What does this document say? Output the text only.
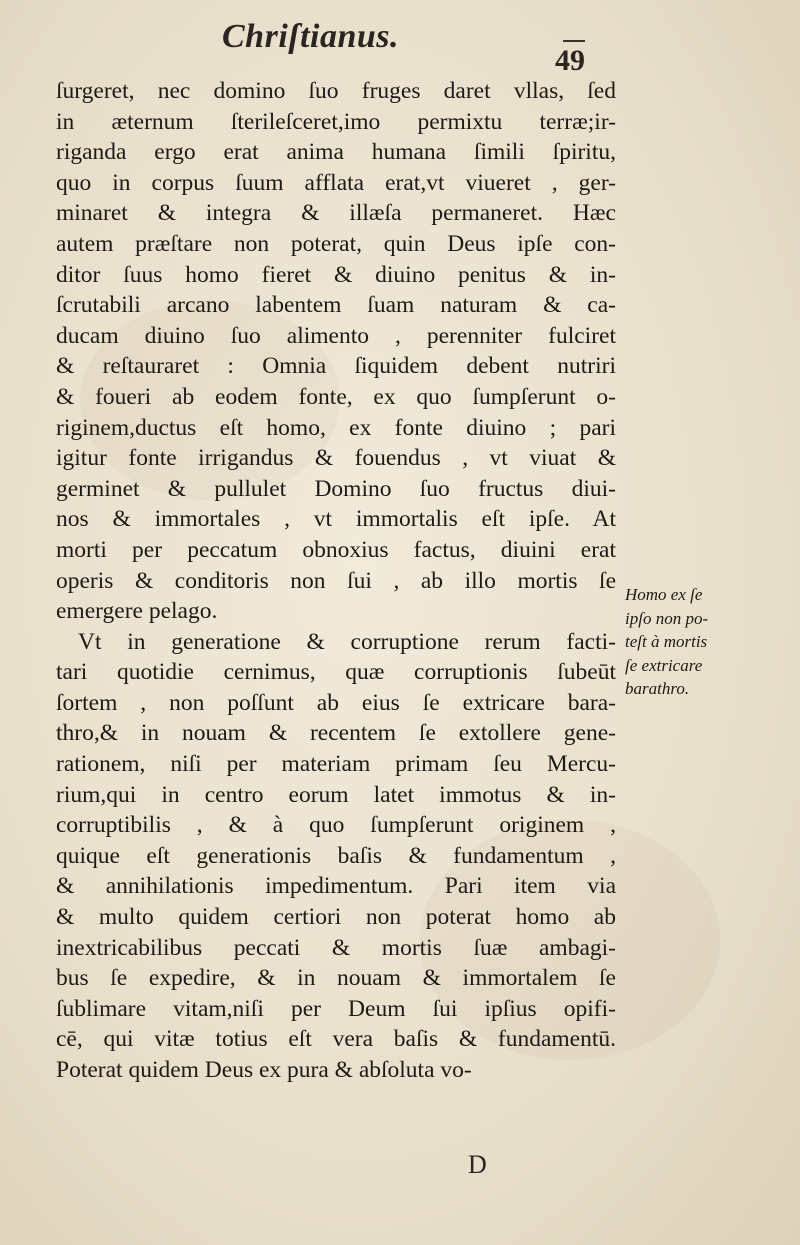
Chriſtianus.
49
ſurgeret, nec domino ſuo fruges daret vllas, ſed
in æternum ſterileſceret,imo permixtu terræ;ir-
riganda ergo erat anima humana ſimili ſpiritu,
quo in corpus ſuum afflata erat,vt viueret , ger-
minaret & integra & illæſa permaneret. Hæc
autem præſtare non poterat, quin Deus ipſe con-
ditor ſuus homo fieret & diuino penitus & in-
ſcrutabili arcano labentem ſuam naturam & ca-
ducam diuino ſuo alimento , perenniter fulciret
& reſtauraret : Omnia ſiquidem debent nutriri
& foueri ab eodem fonte, ex quo ſumpſerunt o-
riginem,ductus eſt homo, ex fonte diuino ; pari
igitur fonte irrigandus & fouendus , vt viuat &
germinet & pullulet Domino ſuo fructus diui-
nos & immortales , vt immortalis eſt ipſe. At
morti per peccatum obnoxius factus, diuini erat
operis & conditoris non ſui , ab illo mortis ſe
emergere pelago.
Vt in generatione & corruptione rerum facti-
tari quotidie cernimus, quæ corruptionis ſubeūt
ſortem , non poſſunt ab eius ſe extricare bara-
thro,& in nouam & recentem ſe extollere gene-
rationem, niſi per materiam primam ſeu Mercu-
rium,qui in centro eorum latet immotus & in-
corruptibilis , & à quo ſumpſerunt originem ,
quique eſt generationis baſis & fundamentum ,
& annihilationis impedimentum. Pari item via
& multo quidem certiori non poterat homo ab
inextricabilibus peccati & mortis ſuæ ambagi-
bus ſe expedire, & in nouam & immortalem ſe
ſublimare vitam,niſi per Deum ſui ipſius opifi-
cē, qui vitæ totius eſt vera baſis & fundamentū.
Poterat quidem Deus ex pura & abſoluta vo-
Homo ex ſe
ipſo non po-
teſt à mortis
ſe extricare
barathro.
D
